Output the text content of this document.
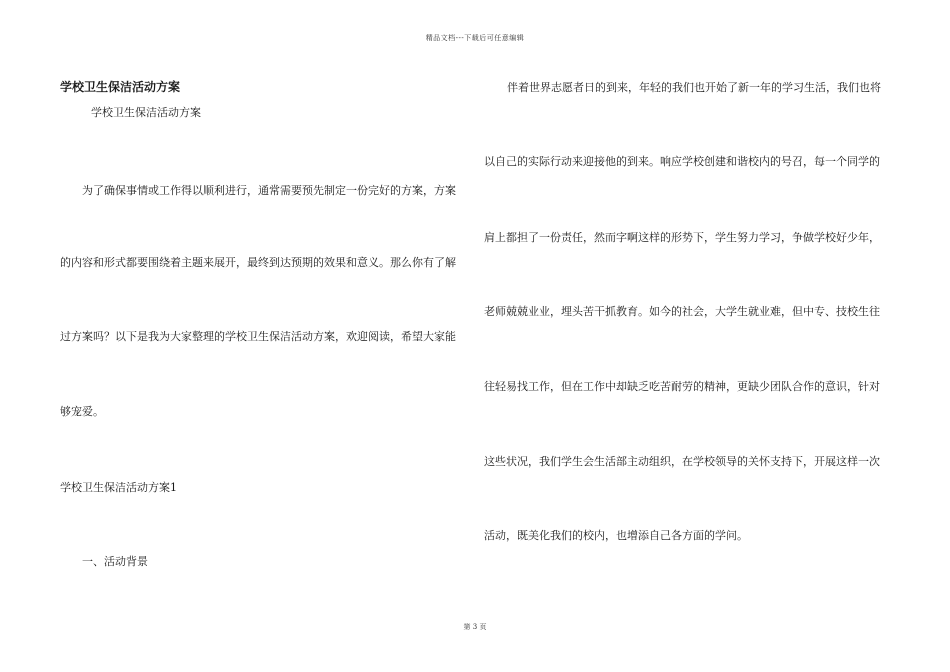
精品文档---下载后可任意编辑
学校卫生保洁活动方案
学校卫生保洁活动方案
为了确保事情或工作得以顺利进行，通常需要预先制定一份完好的方案，方案
的内容和形式都要围绕着主题来展开，最终到达预期的效果和意义。那么你有了解
过方案吗？以下是我为大家整理的学校卫生保洁活动方案，欢迎阅读，希望大家能
够宠爱。
学校卫生保洁活动方案1
一、活动背景
伴着世界志愿者日的到来，年轻的我们也开始了新一年的学习生活，我们也将
以自己的实际行动来迎接他的到来。响应学校创建和谐校内的号召，每一个同学的
肩上都担了一份责任，然而字啊这样的形势下，学生努力学习，争做学校好少年，
老师兢兢业业，埋头苦干抓教育。如今的社会，大学生就业难，但中专、技校生往
往轻易找工作，但在工作中却缺乏吃苦耐劳的精神，更缺少团队合作的意识，针对
这些状况，我们学生会生活部主动组织，在学校领导的关怀支持下，开展这样一次
活动，既美化我们的校内，也增添自己各方面的学问。
第 3 页
